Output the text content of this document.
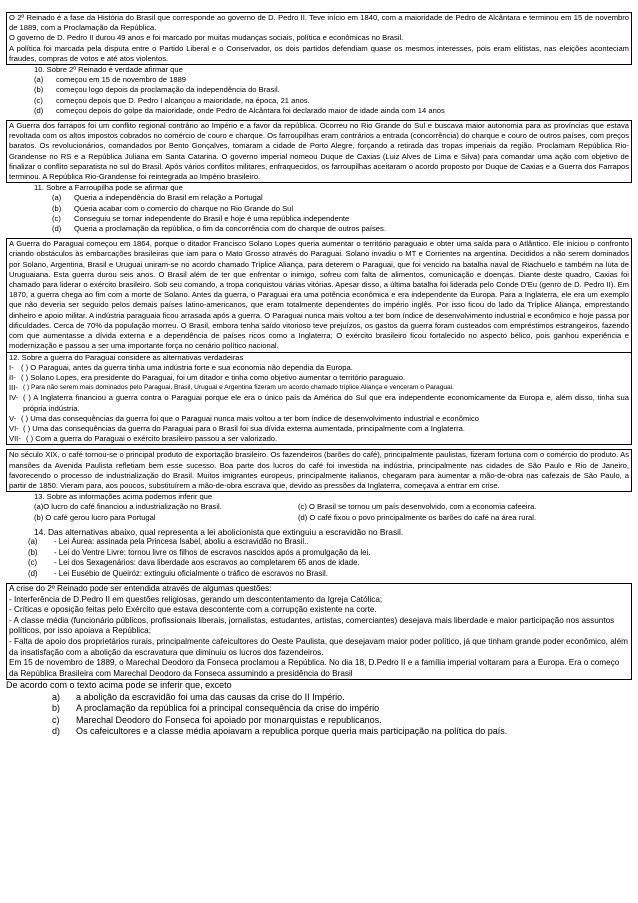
O 2º Reinado é a fase da História do Brasil que corresponde ao governo de D. Pedro II. Teve início em 1840, com a maioridade de Pedro de Alcântara e terminou em 15 de novembro de 1889, com a Proclamação da República.

O governo de D. Pedro II durou 49 anos e foi marcado por muitas mudanças sociais, política e econômicas no Brasil.

A política foi marcada pela disputa entre o Partido Liberal e o Conservador, os dois partidos defendiam quase os mesmos interesses, pois eram elitistas, nas eleições aconteciam fraudes, compras de votos e até atos violentos.

10. Sobre 2º Reinado é verdade afirmar que
(a)	começou em 15 de novembro de 1889
(b)	começou logo depois da proclamação da independência do Brasil.
(c)	começou depois que D. Pedro I alcançou a maioridade, na época, 21 anos.
(d)	começou depois do golpe da maioridade, onde Pedro de Alcântara foi declarado maior de idade ainda com 14 anos

A Guerra dos farrapos foi um conflito regional contrário ao Império e a favor da república. Ocorreu no Rio Grande do Sul e buscava maior autonomia para as províncias que estava revoltada com os altos impostos cobrados no comércio de couro e charque. Os farroupilhas eram contrários a entrada (concorrência) do charque e couro de outros países, com preços baratos. Os revolucionários, comandados por Bento Gonçalves, tomaram a cidade de Porto Alegre, forçando a retirada das tropas imperiais da região. Proclamam República Rio-Grandense no RS e a República Juliana em Santa Catarina. O governo imperial nomeou Duque de Caxias (Luiz Alves de Lima e Silva) para comandar uma ação com objetivo de finalizar o conflito separatista no sul do Brasil. Após vários conflitos militares, enfraquecidos, os farroupilhas aceitaram o acordo proposto por Duque de Caxias e a Guerra dos Farrapos terminou. A República Rio-Grandense foi reintegrada ao Império brasileiro.

11. Sobre a Farroupilha pode se afirmar que
(a)	Queria a independência do Brasil em relação a Portugal
(b)	Queria acabar com o comercio do charque no Rio Grande do Sul
(c)	Conseguiu se tornar independente do Brasil e hoje é uma república independente
(d)	Queria a proclamação da república, o fim da concorrência com do charque de outros países.

A Guerra do Paraguai começou em 1864, porque o ditador Francisco Solano Lopes queria aumentar o território paraguaio e obter uma saída para o Atlântico. Ele iniciou o confronto criando obstáculos às embarcações brasileiras que iam para o Mato Grosso através do Paraguai. Solano invadiu o MT e Corrientes na argentina. Decididos a não serem dominados por Solano, Argentina, Brasil e Uruguai uniram-se no acordo chamado Tríplice Aliança, para deterem o Paraguai, que foi vencido na batalha naval de Riachuelo e também na luta de Uruguaiana. Esta guerra durou seis anos. O Brasil além de ter que enfrentar o inimigo, sofreu com falta de alimentos, comunicação e doenças. Diante deste quadro, Caxias foi chamado para liderar o exército brasileiro. Sob seu comando, a tropa conquistou várias vitórias. Apesar disso, a última batalha foi liderada pelo Conde D'Eu (genro de D. Pedro II). Em 1870, a guerra chega ao fim com a morte de Solano. Antes da guerra, o Paraguai era uma potência econômica e era independente da Europa. Para a Inglaterra, ele era um exemplo que não deveria ser seguido pelos demais países latino-americanos, que eram totalmente dependentes do império inglês. Por isso ficou do lado da Tríplice Aliança, emprestando dinheiro e apoio militar. A indústria paraguaia ficou arrasada após a guerra. O Paraguai nunca mais voltou a ter bom índice de desenvolvimento industrial e econômico e hoje passa por dificuldades. Cerca de 70% da população morreu. O Brasil, embora tenha saído vitorioso teve prejuízos, os gastos da guerra foram custeados com empréstimos estrangeiros, fazendo com que aumentasse a dívida externa e a dependência de países ricos como a Inglaterra; O exército brasileiro ficou fortalecido no aspecto bélico, pois ganhou experiência e modernização e passou a ser uma importante força no cenário político nacional.

12. Sobre a guerra do Paraguai considere as alternativas verdadeiras
I- ( ) O Paraguai, antes da guerra tinha uma indústria forte e sua economia não dependia da Europa.
II- ( ) Solano Lopes, era presidente do Paraguai, foi um ditador e tinha como objetivo aumentar o território paraguaio.
III- ( ) Para não serem mais dominados pelo Paraguai, Brasil, Uruguai e Argentina fizeram um acordo chamado tríplice Aliança e venceram o Paraguai.
IV- ( ) A Inglaterra financiou a guerra contra o Paraguai porque ele era o único país da América do Sul que era independente economicamente da Europa e, além disso, tinha sua própria indústria.
V- ( ) Uma das consequências da guerra foi que o Paraguai nunca mais voltou a ter bom índice de desenvolvimento industrial e econômico
VI- ( ) Uma das consequências da guerra do Paraguai para o Brasil foi sua dívida externa aumentada, principalmente com a Inglaterra.
VII- ( ) Com a guerra do Paraguai o exército brasileiro passou a ser valorizado.

No século XIX, o café tornou-se o principal produto de exportação brasileiro. Os fazendeiros (barões do café), principalmente paulistas, fizeram fortuna com o comércio do produto. As mansões da Avenida Paulista refletiam bem esse sucesso. Boa parte dos lucros do café foi investida na indústria, principalmente nas cidades de São Paulo e Rio de Janeiro, favorecendo o processo de industrialização do Brasil. Muitos imigrantes europeus, principalmente italianos, chegaram para aumentar a mão-de-obra nas cafezais de São Paulo, a partir de 1850. Vieram para, aos poucos, substituírem a mão-de-obra escrava que, devido as pressões da Inglaterra, começava a entrar em crise.

13. Sobre as informações acima podemos inferir que
(a)O lucro do café financiou a industrialização no Brasil.	(c) O Brasil se tornou um país desenvolvido, com a economia cafeeira.
(b) O café gerou lucro para Portugal	(d) O café fixou o povo principalmente os barões do café na área rural.
14. Das alternativas abaixo, qual representa a lei abolicionista que extinguiu a escravidão no Brasil.
(a)	- Lei Áurea: assinada pela Princesa Isabel, aboliu a escravidão no Brasil..
(b)	- Lei do Ventre Livre: tornou livre os filhos de escravos nascidos após a promulgação da lei.
(c)	- Lei dos Sexagenários: dava liberdade aos escravos ao completarem 65 anos de idade.
(d)	- Lei Eusébio de Queiróz: extinguiu oficialmente o tráfico de escravos no Brasil.

A crise do 2º Reinado pode ser entendida através de algumas questões:

- Interferência de D.Pedro II em questões religiosas, gerando um descontentamento da Igreja Católica;

- Críticas e oposição feitas pelo Exército que estava descontente com a corrupção existente na corte.

- A classe média (funcionário públicos, profissionais liberais, jornalistas, estudantes, artistas, comerciantes) desejava mais liberdade e maior participação nos assuntos políticos, por isso apoiava a República;

- Falta de apoio dos proprietários rurais, principalmente cafeicultores do Oeste Paulista, que desejavam maior poder político, já que tinham grande poder econômico, além da insatisfação com a abolição da escravatura que diminuiu os lucros dos fazendeiros.

Em 15 de novembro de 1889, o Marechal Deodoro da Fonseca proclamou a República. No dia 18, D.Pedro II e a família imperial voltaram para a Europa. Era o começo da República Brasileira com Marechal Deodoro da Fonseca assumindo a presidência do Brasil

De acordo com o texto acima pode se inferir que, exceto
a)	a abolição da escravidão foi uma das causas da crise do II Império.
b)	A proclamação da república foi a principal consequência da crise do império
c)	Marechal Deodoro do Fonseca foi apoiado por monarquistas e republicanos.
d)	Os cafeicultores e a classe média apoiavam a republica porque queria mais participação na política do país.
